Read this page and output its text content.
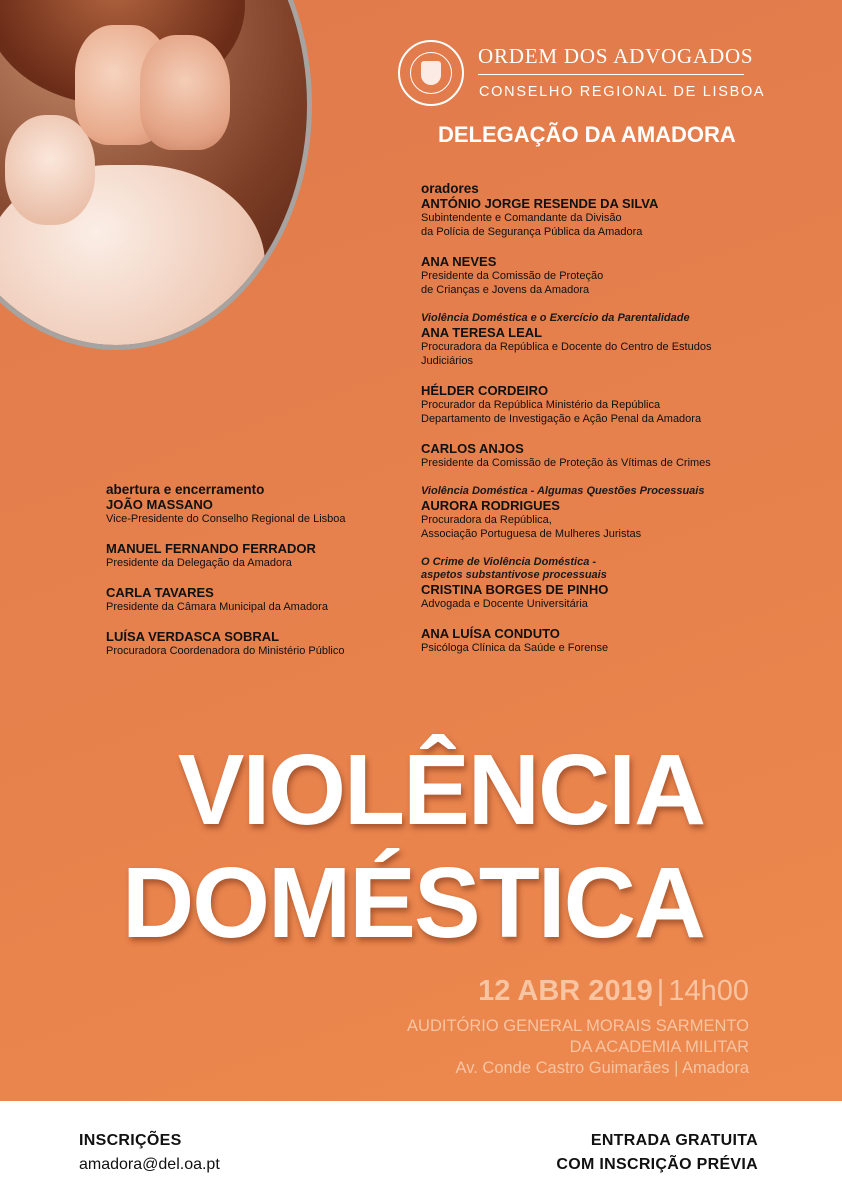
ORDEM DOS ADVOGADOS
CONSELHO REGIONAL DE LISBOA
DELEGAÇÃO DA AMADORA
oradores
ANTÓNIO JORGE RESENDE DA SILVA
Subintendente e Comandante da Divisão
da Polícia de Segurança Pública da Amadora
ANA NEVES
Presidente da Comissão de Proteção
de Crianças e Jovens da Amadora
Violência Doméstica e o Exercício da Parentalidade
ANA TERESA LEAL
Procuradora da República e Docente do Centro de Estudos
Judiciários
HÉLDER CORDEIRO
Procurador da República Ministério da República
Departamento de Investigação e Ação Penal da Amadora
CARLOS ANJOS
Presidente da Comissão de Proteção às Vítimas de Crimes
Violência Doméstica - Algumas Questões Processuais
AURORA RODRIGUES
Procuradora da República,
Associação Portuguesa de Mulheres Juristas
O Crime de Violência Doméstica -
aspetos substantivose processuais
CRISTINA BORGES DE PINHO
Advogada e Docente Universitária
ANA LUÍSA CONDUTO
Psicóloga Clínica da Saúde e Forense
abertura e encerramento
JOÃO MASSANO
Vice-Presidente do Conselho Regional de Lisboa
MANUEL FERNANDO FERRADOR
Presidente da Delegação da Amadora
CARLA TAVARES
Presidente da Câmara Municipal da Amadora
LUÍSA VERDASCA SOBRAL
Procuradora Coordenadora do Ministério Público
VIOLÊNCIA
DOMÉSTICA
12 ABR 2019 | 14h00
AUDITÓRIO GENERAL MORAIS SARMENTO
DA ACADEMIA MILITAR
Av. Conde Castro Guimarães | Amadora
INSCRIÇÕES
amadora@del.oa.pt
ENTRADA GRATUITA
COM INSCRIÇÃO PRÉVIA
